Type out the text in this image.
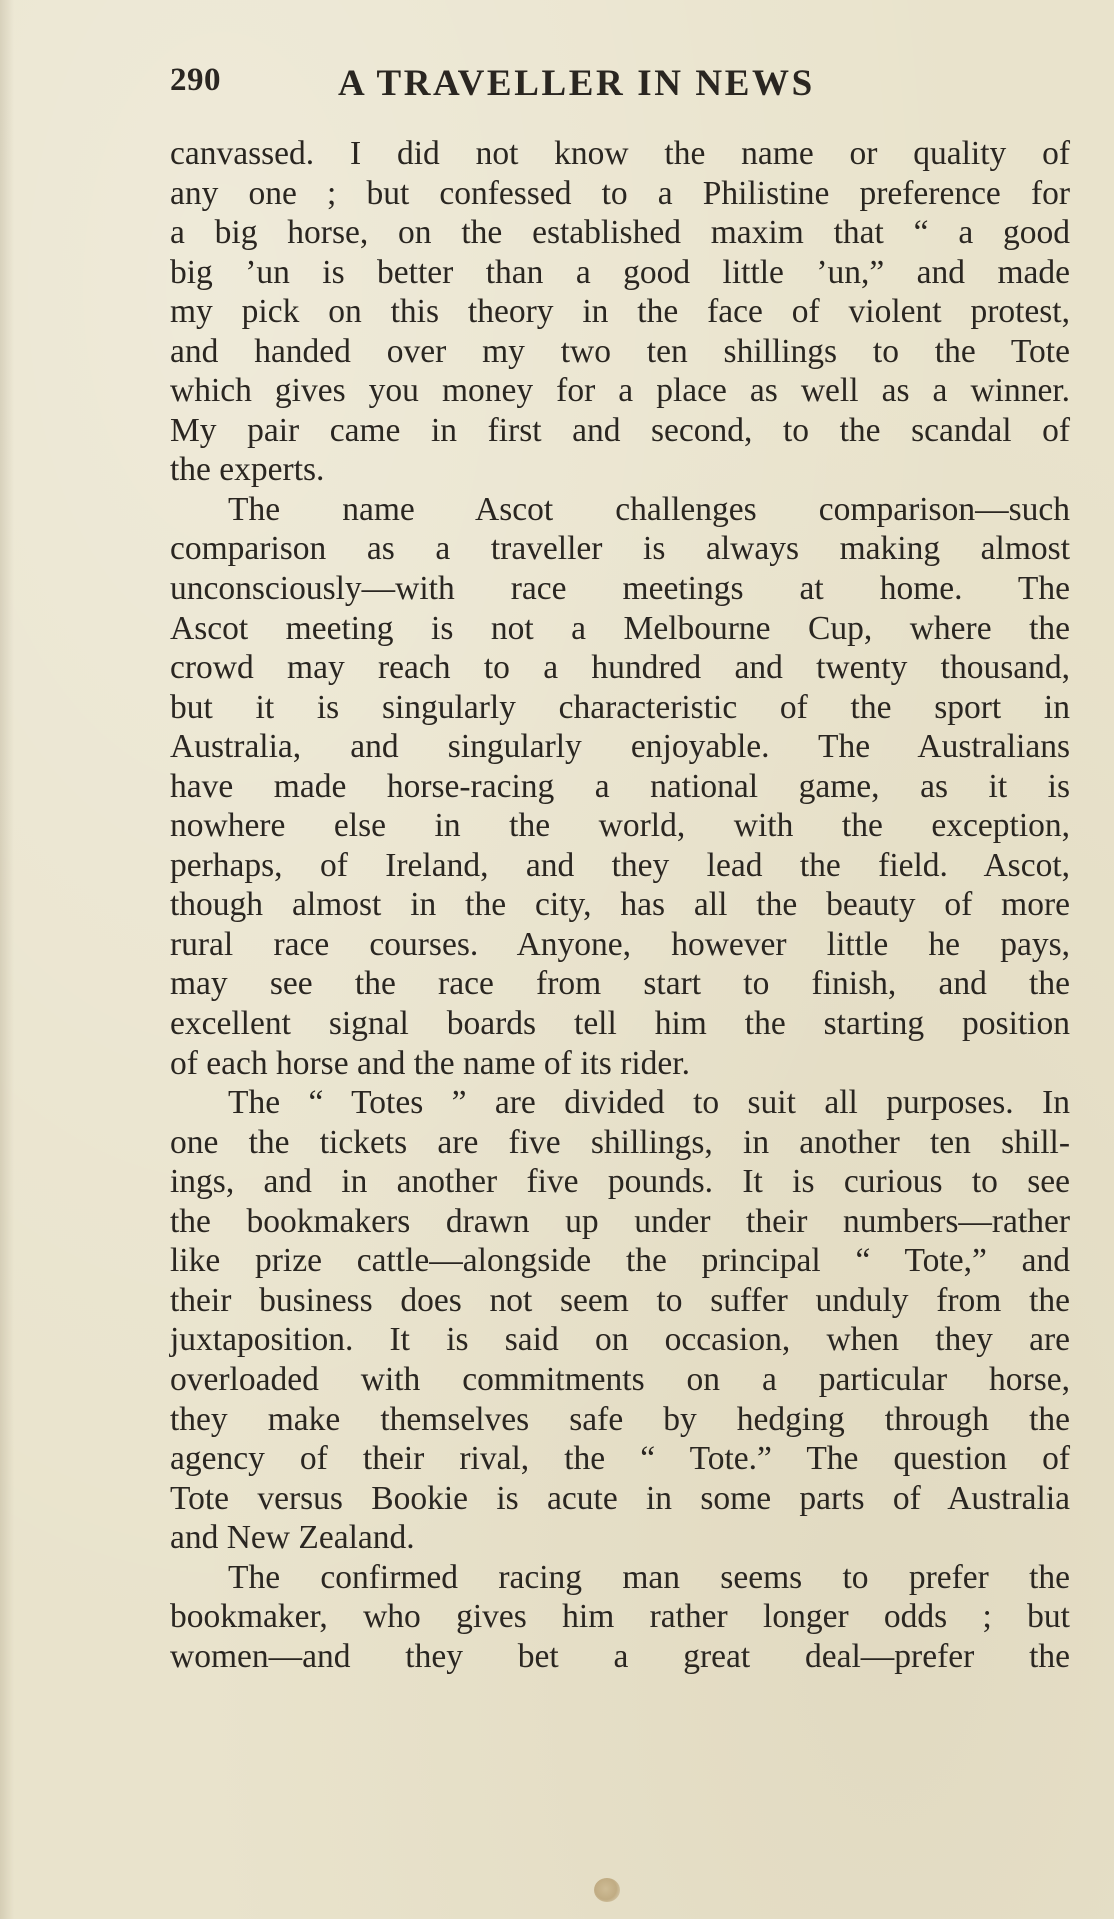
290	A TRAVELLER IN NEWS
canvassed. I did not know the name or quality of
any one ; but confessed to a Philistine preference for
a big horse, on the established maxim that “ a good
big ’un is better than a good little ’un,” and made
my pick on this theory in the face of violent protest,
and handed over my two ten shillings to the Tote
which gives you money for a place as well as a winner.
My pair came in first and second, to the scandal of
the experts.
The name Ascot challenges comparison—such
comparison as a traveller is always making almost
unconsciously—with race meetings at home. The
Ascot meeting is not a Melbourne Cup, where the
crowd may reach to a hundred and twenty thousand,
but it is singularly characteristic of the sport in
Australia, and singularly enjoyable. The Australians
have made horse-racing a national game, as it is
nowhere else in the world, with the exception,
perhaps, of Ireland, and they lead the field. Ascot,
though almost in the city, has all the beauty of more
rural race courses. Anyone, however little he pays,
may see the race from start to finish, and the
excellent signal boards tell him the starting position
of each horse and the name of its rider.
The “ Totes ” are divided to suit all purposes. In
one the tickets are five shillings, in another ten shill-
ings, and in another five pounds. It is curious to see
the bookmakers drawn up under their numbers—rather
like prize cattle—alongside the principal “ Tote,” and
their business does not seem to suffer unduly from the
juxtaposition. It is said on occasion, when they are
overloaded with commitments on a particular horse,
they make themselves safe by hedging through the
agency of their rival, the “ Tote.” The question of
Tote versus Bookie is acute in some parts of Australia
and New Zealand.
The confirmed racing man seems to prefer the
bookmaker, who gives him rather longer odds ; but
women—and they bet a great deal—prefer the
